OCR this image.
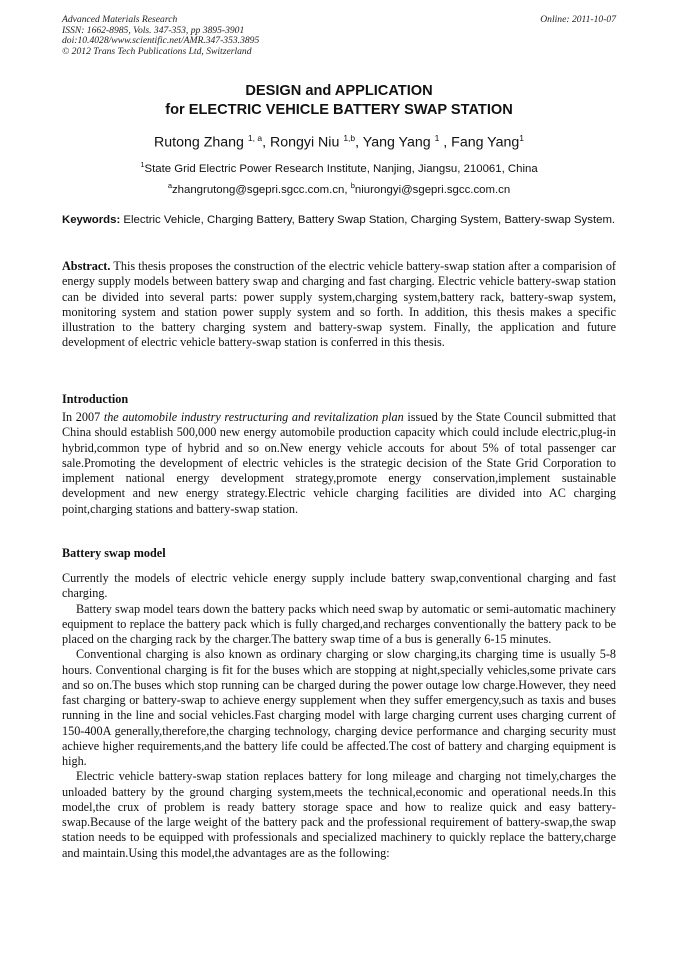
Advanced Materials Research
ISSN: 1662-8985, Vols. 347-353, pp 3895-3901
doi:10.4028/www.scientific.net/AMR.347-353.3895
© 2012 Trans Tech Publications Ltd, Switzerland
Online: 2011-10-07
DESIGN and APPLICATION
for ELECTRIC VEHICLE BATTERY SWAP STATION
Rutong Zhang $^{1, a}$, Rongyi Niu $^{1,b}$, Yang Yang $^1$ , Fang Yang$^1$
$^1$State Grid Electric Power Research Institute, Nanjing, Jiangsu, 210061, China
$^a$zhangrutong@sgepri.sgcc.com.cn, $^b$niurongyi@sgepri.sgcc.com.cn
Keywords: Electric Vehicle, Charging Battery, Battery Swap Station, Charging System, Battery-swap System.

Abstract. This thesis proposes the construction of the electric vehicle battery-swap station after a comparision of energy supply models between battery swap and charging and fast charging. Electric vehicle battery-swap station can be divided into several parts: power supply system,charging system,battery rack, battery-swap system, monitoring system and station power supply system and so forth. In addition, this thesis makes a specific illustration to the battery charging system and battery-swap system. Finally, the application and future development of electric vehicle battery-swap station is conferred in this thesis.

Introduction

In 2007 the automobile industry restructuring and revitalization plan issued by the State Council submitted that China should establish 500,000 new energy automobile production capacity which could include electric,plug-in hybrid,common type of hybrid and so on.New energy vehicle accouts for about 5% of total passenger car sale.Promoting the development of electric vehicles is the strategic decision of the State Grid Corporation to implement national energy development strategy,promote energy conservation,implement sustainable development and new energy strategy.Electric vehicle charging facilities are divided into AC charging point,charging stations and battery-swap station.

Battery swap model

Currently the models of electric vehicle energy supply include battery swap,conventional charging and fast charging.

Battery swap model tears down the battery packs which need swap by automatic or semi-automatic machinery equipment to replace the battery pack which is fully charged,and recharges conventionally the battery pack to be placed on the charging rack by the charger.The battery swap time of a bus is generally 6-15 minutes.

Conventional charging is also known as ordinary charging or slow charging,its charging time is usually 5-8 hours. Conventional charging is fit for the buses which are stopping at night,specially vehicles,some private cars and so on.The buses which stop running can be charged during the power outage low charge.However, they need fast charging or battery-swap to achieve energy supplement when they suffer emergency,such as taxis and buses running in the line and social vehicles.Fast charging model with large charging current uses charging current of 150-400A generally,therefore,the charging technology, charging device performance and charging security must achieve higher requirements,and the battery life could be affected.The cost of battery and charging equipment is high.

Electric vehicle battery-swap station replaces battery for long mileage and charging not timely,charges the unloaded battery by the ground charging system,meets the technical,economic and operational needs.In this model,the crux of problem is ready battery storage space and how to realize quick and easy battery-swap.Because of the large weight of the battery pack and the professional requirement of battery-swap,the swap station needs to be equipped with professionals and specialized machinery to quickly replace the battery,charge and maintain.Using this model,the advantages are as the following:
